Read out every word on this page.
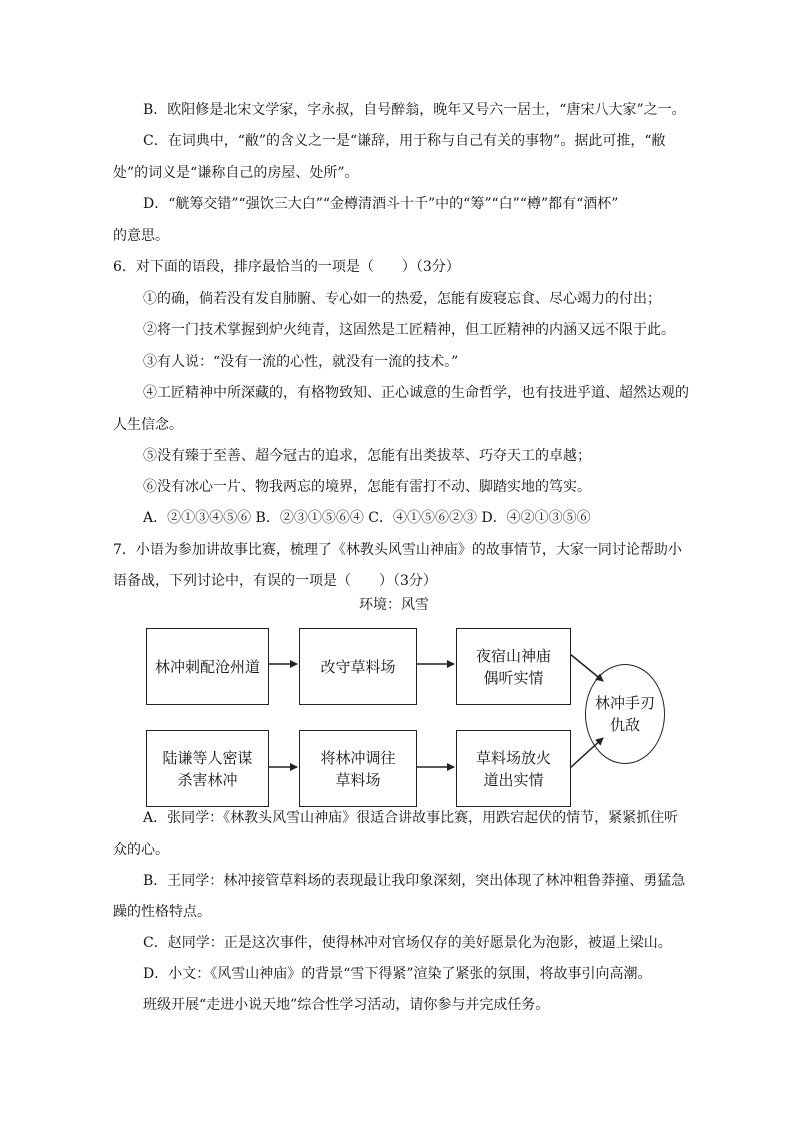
B．欧阳修是北宋文学家，字永叔，自号醉翁，晚年又号六一居士，“唐宋八大家”之一。
C．在词典中，“敝”的含义之一是“谦辞，用于称与自己有关的事物”。据此可推，“敝
处”的词义是“谦称自己的房屋、处所”。
D．“觥筹交错”“强饮三大白”“金樽清酒斗十千”中的“筹”“白”“樽”都有“酒杯”
的意思。
6．对下面的语段，排序最恰当的一项是（　　）（3分）
①的确，倘若没有发自肺腑、专心如一的热爱，怎能有废寝忘食、尽心竭力的付出；
②将一门技术掌握到炉火纯青，这固然是工匠精神，但工匠精神的内涵又远不限于此。
③有人说：“没有一流的心性，就没有一流的技术。”
④工匠精神中所深藏的，有格物致知、正心诚意的生命哲学，也有技进乎道、超然达观的
人生信念。
⑤没有臻于至善、超今冠古的追求，怎能有出类拔萃、巧夺天工的卓越；
⑥没有冰心一片、物我两忘的境界，怎能有雷打不动、脚踏实地的笃实。
A．②①③④⑤⑥ B．②③①⑤⑥④ C．④①⑤⑥②③ D．④②①③⑤⑥
7．小语为参加讲故事比赛，梳理了《林教头风雪山神庙》的故事情节，大家一同讨论帮助小
语备战，下列讨论中，有误的一项是（　　）（3分）
环境：风雪
林冲刺配沧州道	改守草料场
夜宿山神庙
偶听实情
陆谦等人密谋
杀害林冲
将林冲调往
草料场
草料场放火
道出实情
林冲手刃
仇敌
A．张同学：《林教头风雪山神庙》很适合讲故事比赛，用跌宕起伏的情节，紧紧抓住听
众的心。
B．王同学：林冲接管草料场的表现最让我印象深刻，突出体现了林冲粗鲁莽撞、勇猛急
躁的性格特点。
C．赵同学：正是这次事件，使得林冲对官场仅存的美好愿景化为泡影，被逼上梁山。
D．小文：《风雪山神庙》的背景“雪下得紧”渲染了紧张的氛围，将故事引向高潮。
班级开展“走进小说天地”综合性学习活动，请你参与并完成任务。
